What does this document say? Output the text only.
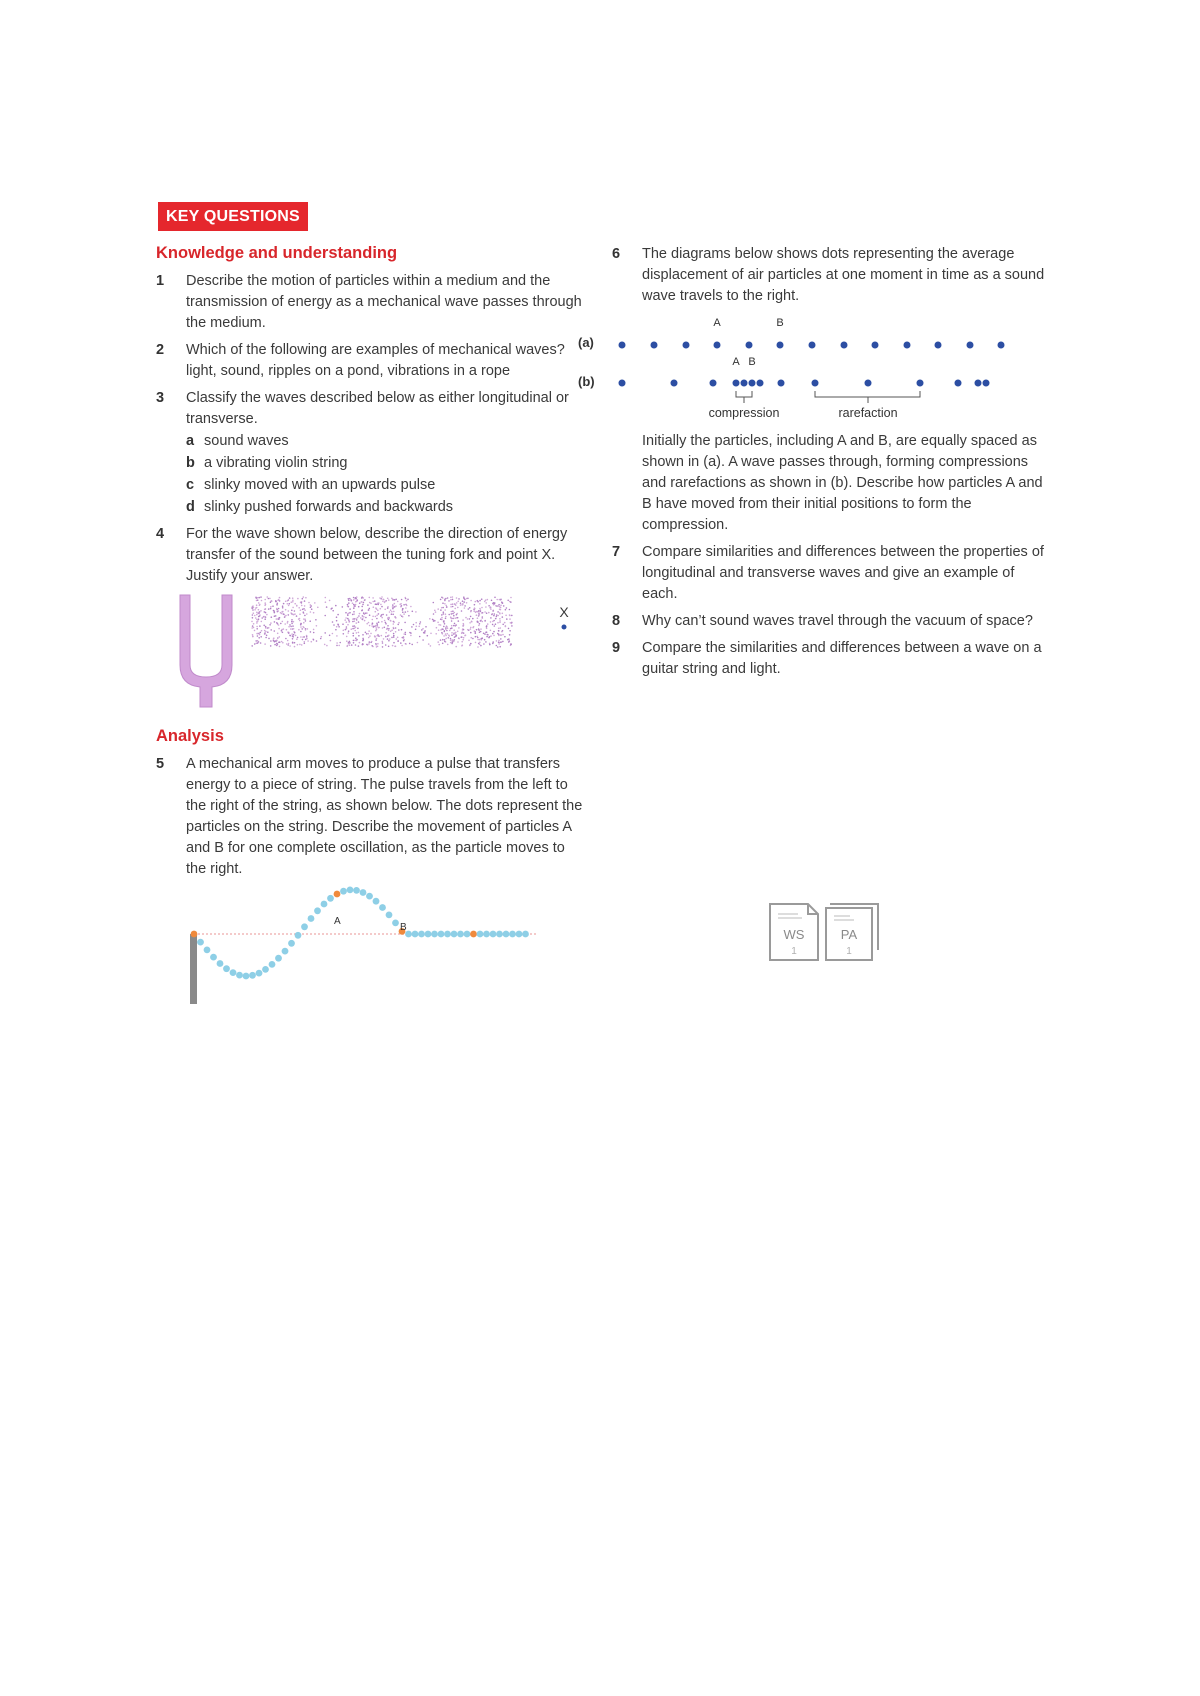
KEY QUESTIONS
Knowledge and understanding
1 Describe the motion of particles within a medium and the transmission of energy as a mechanical wave passes through the medium.
2 Which of the following are examples of mechanical waves?
light, sound, ripples on a pond, vibrations in a rope
3 Classify the waves described below as either longitudinal or transverse.
a sound waves
b a vibrating violin string
c slinky moved with an upwards pulse
d slinky pushed forwards and backwards
4 For the wave shown below, describe the direction of energy transfer of the sound between the tuning fork and point X. Justify your answer.
X
Analysis
5 A mechanical arm moves to produce a pulse that transfers energy to a piece of string. The pulse travels from the left to the right of the string, as shown below. The dots represent the particles on the string. Describe the movement of particles A and B for one complete oscillation, as the particle moves to the right.
A
B
6 The diagrams below shows dots representing the average displacement of air particles at one moment in time as a sound wave travels to the right.
(a)
(b)
A	B
A B
compression	rarefaction
Initially the particles, including A and B, are equally spaced as shown in (a). A wave passes through, forming compressions and rarefactions as shown in (b). Describe how particles A and B have moved from their initial positions to form the compression.
7 Compare similarities and differences between the properties of longitudinal and transverse waves and give an example of each.
8 Why can’t sound waves travel through the vacuum of space?
9 Compare the similarities and differences between a wave on a guitar string and light.
WS
1
PA
1
